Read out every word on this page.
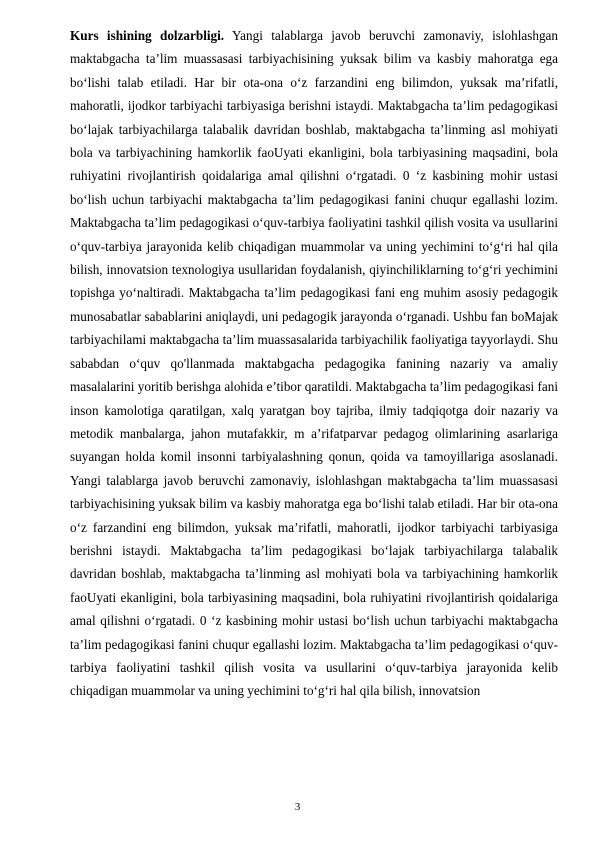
Kurs ishining dolzarbligi. Yangi talablarga javob beruvchi zamonaviy, islohlashgan maktabgacha ta’lim muassasasi tarbiyachisining yuksak bilim va kasbiy mahoratga ega bo‘lishi talab etiladi. Har bir ota-ona o‘z farzandini eng bilimdon, yuksak ma’rifatli, mahoratli, ijodkor tarbiyachi tarbiyasiga berishni istaydi. Maktabgacha ta’lim pedagogikasi bo‘lajak tarbiyachilarga talabalik davridan boshlab, maktabgacha ta’linming asl mohiyati bola va tarbiyachining hamkorlik faoUyati ekanligini, bola tarbiyasining maqsadini, bola ruhiyatini rivojlantirish qoidalariga amal qilishni o‘rgatadi. 0 ‘z kasbining mohir ustasi bo‘lish uchun tarbiyachi maktabgacha ta’lim pedagogikasi fanini chuqur egallashi lozim. Maktabgacha ta’lim pedagogikasi o‘quv-tarbiya faoliyatini tashkil qilish vosita va usullarini o‘quv-tarbiya jarayonida kelib chiqadigan muammolar va uning yechimini to‘g‘ri hal qila bilish, innovatsion texnologiya usullaridan foydalanish, qiyinchiliklarning to‘g‘ri yechimini topishga yo‘naltiradi. Maktabgacha ta’lim pedagogikasi fani eng muhim asosiy pedagogik munosabatlar sabablarini aniqlaydi, uni pedagogik jarayonda o‘rganadi. Ushbu fan boMajak tarbiyachilami maktabgacha ta’lim muassasalarida tarbiyachilik faoliyatiga tayyorlaydi. Shu sababdan o‘quv qo'llanmada maktabgacha pedagogika fanining nazariy va amaliy masalalarini yoritib berishga alohida e’tibor qaratildi. Maktabgacha ta’lim pedagogikasi fani inson kamolotiga qaratilgan, xalq yaratgan boy tajriba, ilmiy tadqiqotga doir nazariy va metodik manbalarga, jahon mutafakkir, m a’rifatparvar pedagog olimlarining asarlariga suyangan holda komil insonni tarbiyalashning qonun, qoida va tamoyillariga asoslanadi. Yangi talablarga javob beruvchi zamonaviy, islohlashgan maktabgacha ta’lim muassasasi tarbiyachisining yuksak bilim va kasbiy mahoratga ega bo‘lishi talab etiladi. Har bir ota-ona o‘z farzandini eng bilimdon, yuksak ma’rifatli, mahoratli, ijodkor tarbiyachi tarbiyasiga berishni istaydi. Maktabgacha ta’lim pedagogikasi bo‘lajak tarbiyachilarga talabalik davridan boshlab, maktabgacha ta’linming asl mohiyati bola va tarbiyachining hamkorlik faoUyati ekanligini, bola tarbiyasining maqsadini, bola ruhiyatini rivojlantirish qoidalariga amal qilishni o‘rgatadi. 0 ‘z kasbining mohir ustasi bo‘lish uchun tarbiyachi maktabgacha ta’lim pedagogikasi fanini chuqur egallashi lozim. Maktabgacha ta’lim pedagogikasi o‘quv-tarbiya faoliyatini tashkil qilish vosita va usullarini o‘quv-tarbiya jarayonida kelib chiqadigan muammolar va uning yechimini to‘g‘ri hal qila bilish, innovatsion

3
